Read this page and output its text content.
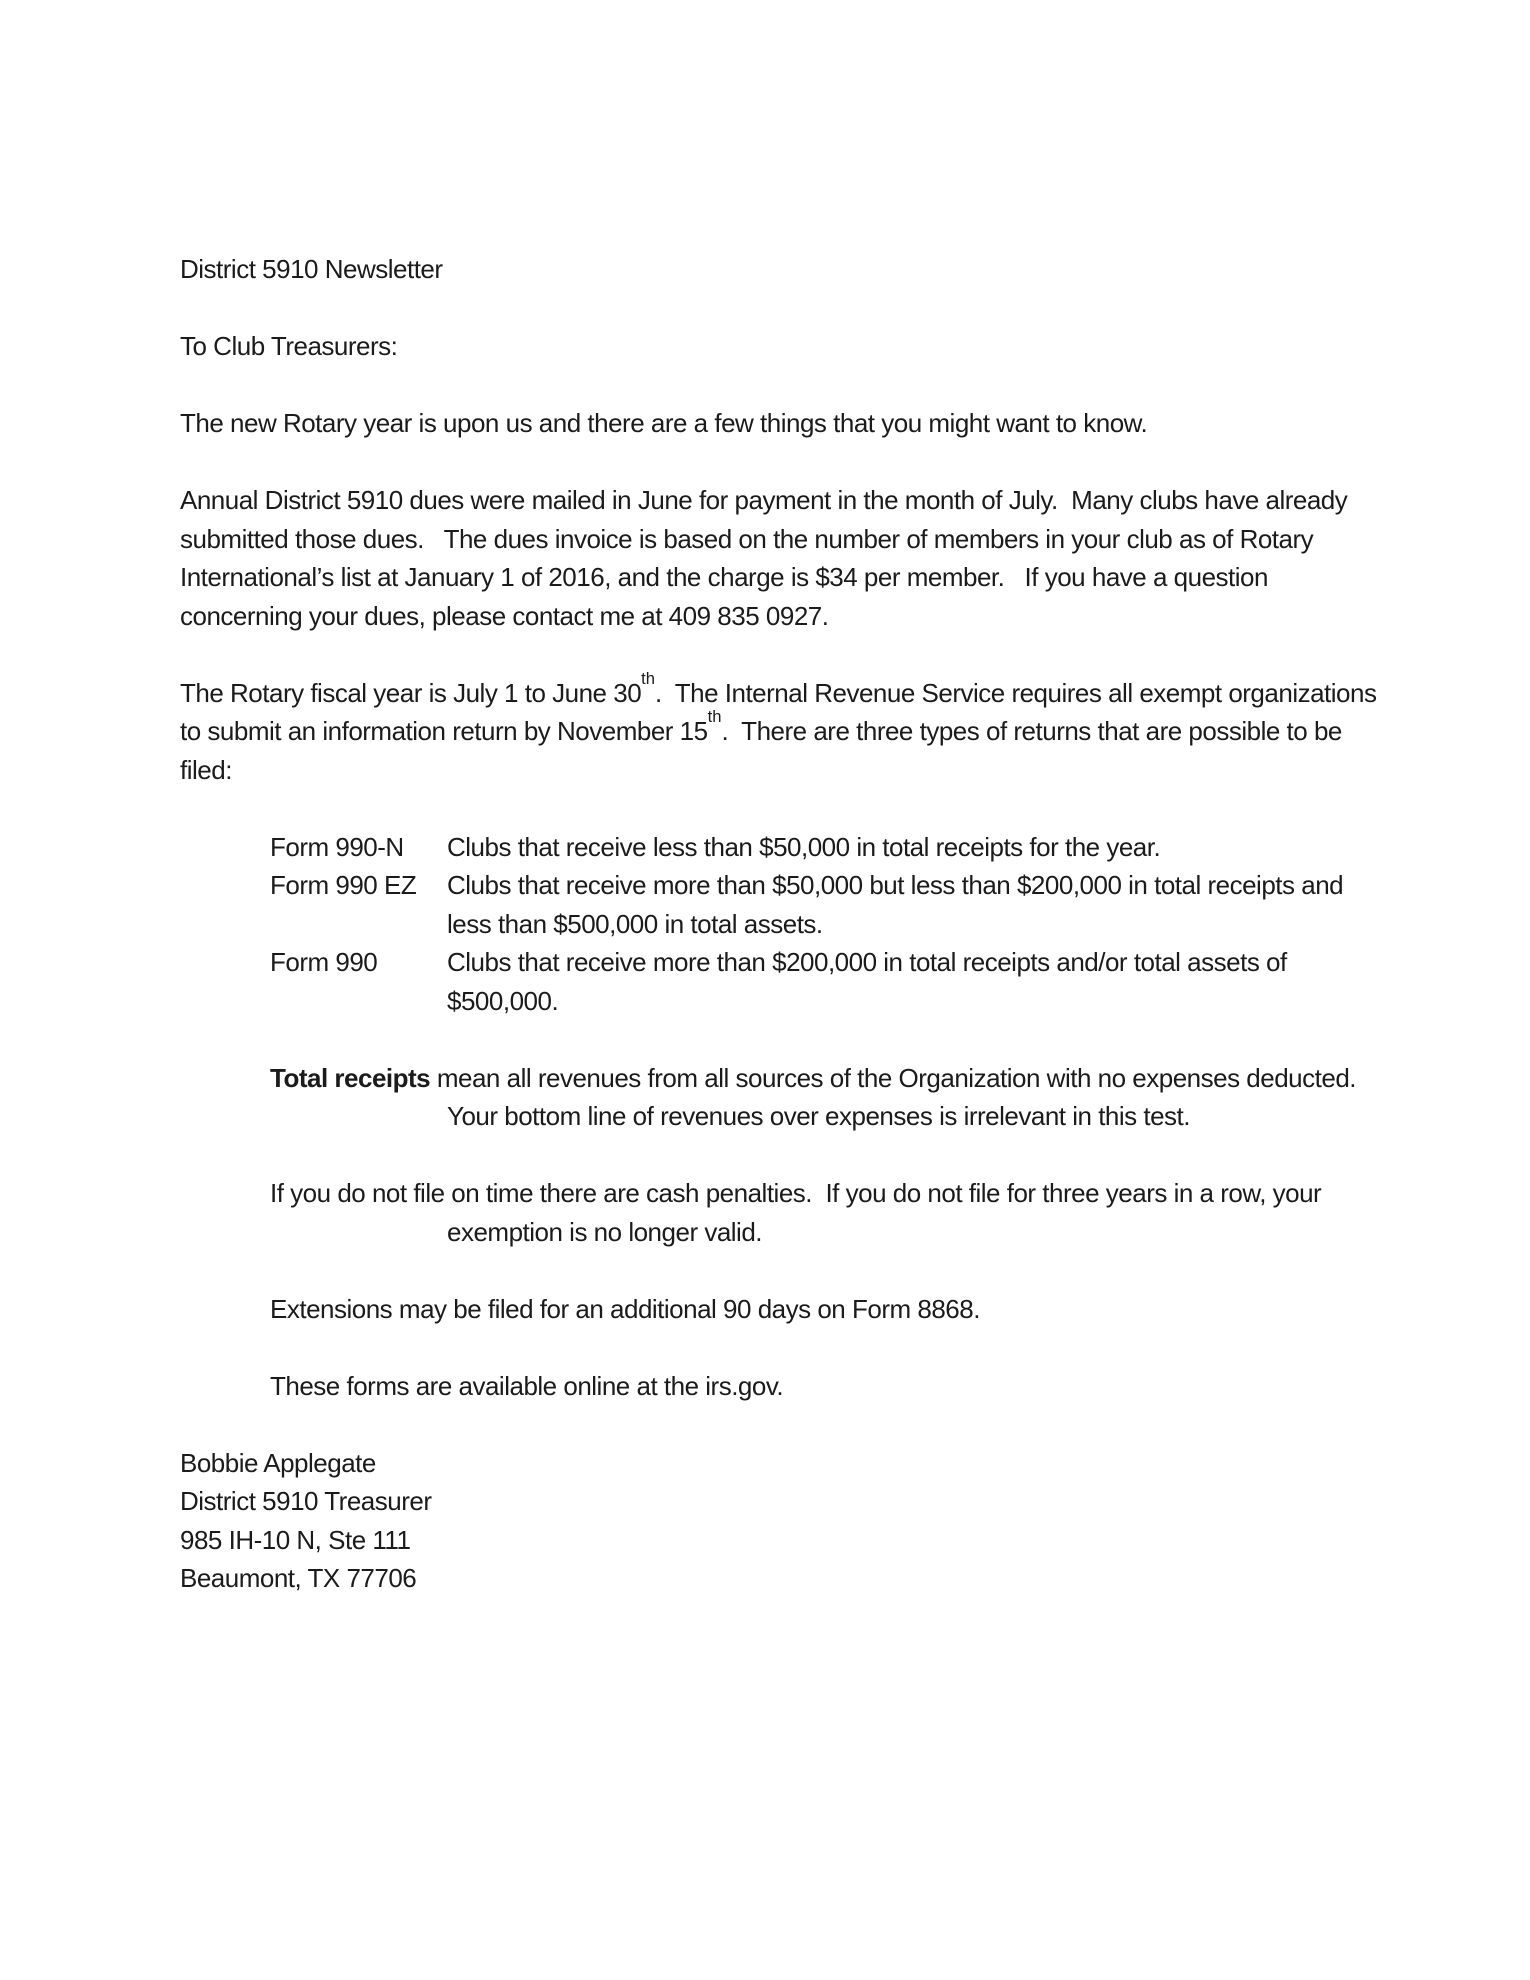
District 5910 Newsletter

To Club Treasurers:

The new Rotary year is upon us and there are a few things that you might want to know.

Annual District 5910 dues were mailed in June for payment in the month of July.  Many clubs have already submitted those dues.   The dues invoice is based on the number of members in your club as of Rotary International’s list at January 1 of 2016, and the charge is $34 per member.   If you have a question concerning your dues, please contact me at 409 835 0927.

The Rotary fiscal year is July 1 to June 30th.  The Internal Revenue Service requires all exempt organizations to submit an information return by November 15th.  There are three types of returns that are possible to be filed:

Form 990-N	Clubs that receive less than $50,000 in total receipts for the year.
Form 990 EZ	Clubs that receive more than $50,000 but less than $200,000 in total receipts and less than $500,000 in total assets.
Form 990	Clubs that receive more than $200,000 in total receipts and/or total assets of $500,000.

Total receipts mean all revenues from all sources of the Organization with no expenses deducted.  Your bottom line of revenues over expenses is irrelevant in this test.

If you do not file on time there are cash penalties.  If you do not file for three years in a row, your exemption is no longer valid.

Extensions may be filed for an additional 90 days on Form 8868.

These forms are available online at the irs.gov.

Bobbie Applegate
District 5910 Treasurer
985 IH-10 N, Ste 111
Beaumont, TX 77706
